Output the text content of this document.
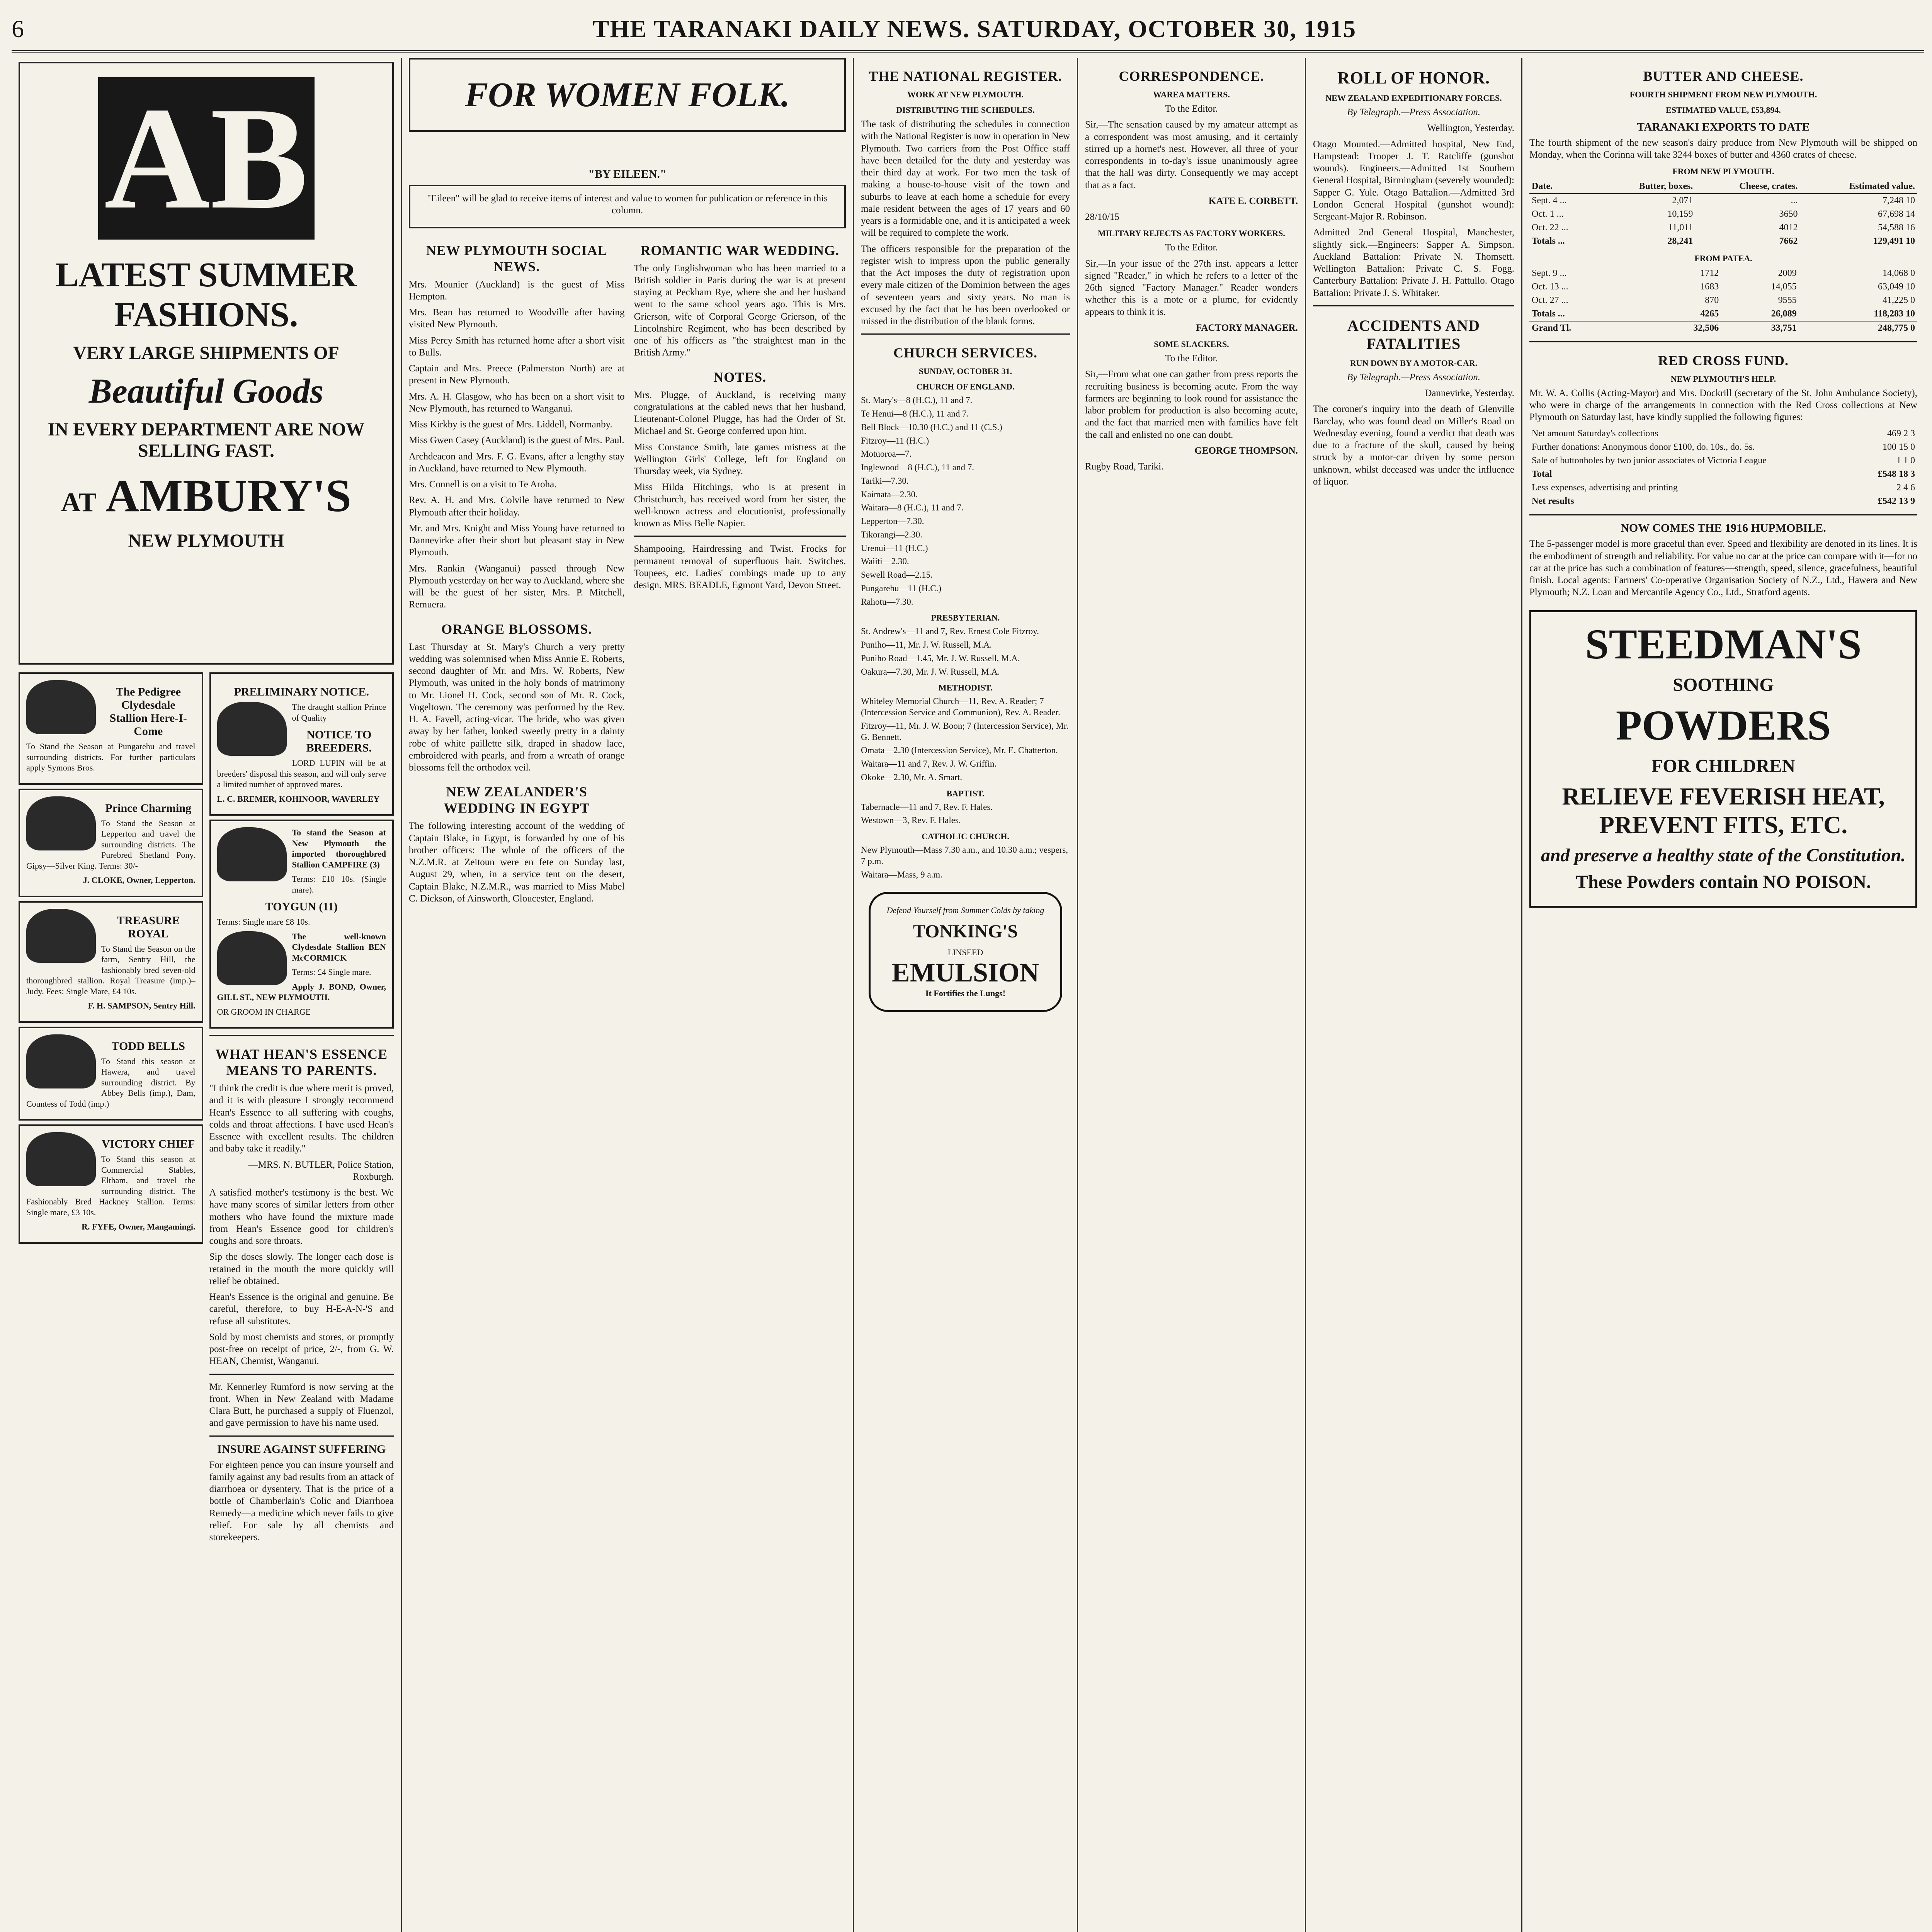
6	THE TARANAKI DAILY NEWS. SATURDAY, OCTOBER 30, 1915
AB
LATEST SUMMER FASHIONS.
VERY LARGE SHIPMENTS OF
Beautiful Goods
IN EVERY DEPARTMENT ARE NOW SELLING FAST.
AT AMBURY'S
NEW PLYMOUTH
The Pedigree Clydesdale Stallion Here-I-Come

To Stand the Season at Pungarehu and travel surrounding districts. For further particulars apply Symons Bros.

Prince Charming

To Stand the Season at Lepperton and travel the surrounding districts. The Purebred Shetland Pony. Gipsy—Silver King. Terms: 30/-

J. CLOKE, Owner, Lepperton.

TREASURE ROYAL

To Stand the Season on the farm, Sentry Hill, the fashionably bred seven-old thoroughbred stallion. Royal Treasure (imp.)–Judy. Fees: Single Mare, £4 10s.

F. H. SAMPSON, Sentry Hill.

TODD BELLS

To Stand this season at Hawera, and travel surrounding district. By Abbey Bells (imp.), Dam, Countess of Todd (imp.)

VICTORY CHIEF

To Stand this season at Commercial Stables, Eltham, and travel the surrounding district. The Fashionably Bred Hackney Stallion. Terms: Single mare, £3 10s.

R. FYFE, Owner, Mangamingi.

PRELIMINARY NOTICE.

The draught stallion Prince of Quality

NOTICE TO BREEDERS.

LORD LUPIN will be at breeders' disposal this season, and will only serve a limited number of approved mares.

L. C. BREMER, KOHINOOR, WAVERLEY

To stand the Season at New Plymouth the imported thoroughbred Stallion CAMPFIRE (3)

Terms: £10 10s. (Single mare).

TOYGUN (11)

Terms: Single mare £8 10s.

The well-known Clydesdale Stallion BEN McCORMICK

Terms: £4 Single mare.

Apply J. BOND, Owner, GILL ST., NEW PLYMOUTH.

OR GROOM IN CHARGE

WHAT HEAN'S ESSENCE MEANS TO PARENTS.

"I think the credit is due where merit is proved, and it is with pleasure I strongly recommend Hean's Essence to all suffering with coughs, colds and throat affections. I have used Hean's Essence with excellent results. The children and baby take it readily."

—MRS. N. BUTLER, Police Station, Roxburgh.

A satisfied mother's testimony is the best. We have many scores of similar letters from other mothers who have found the mixture made from Hean's Essence good for children's coughs and sore throats.

Sip the doses slowly. The longer each dose is retained in the mouth the more quickly will relief be obtained.

Hean's Essence is the original and genuine. Be careful, therefore, to buy H-E-A-N-'S and refuse all substitutes.

Sold by most chemists and stores, or promptly post-free on receipt of price, 2/-, from G. W. HEAN, Chemist, Wanganui.

Mr. Kennerley Rumford is now serving at the front. When in New Zealand with Madame Clara Butt, he purchased a supply of Fluenzol, and gave permission to have his name used.

INSURE AGAINST SUFFERING

For eighteen pence you can insure yourself and family against any bad results from an attack of diarrhoea or dysentery. That is the price of a bottle of Chamberlain's Colic and Diarrhoea Remedy—a medicine which never fails to give relief. For sale by all chemists and storekeepers.

FOR WOMEN FOLK.
"BY EILEEN."

"Eileen" will be glad to receive items of interest and value to women for publication or reference in this column.

NEW PLYMOUTH SOCIAL NEWS.

Mrs. Mounier (Auckland) is the guest of Miss Hempton.

Mrs. Bean has returned to Woodville after having visited New Plymouth.

Miss Percy Smith has returned home after a short visit to Bulls.

Captain and Mrs. Preece (Palmerston North) are at present in New Plymouth.

Mrs. A. H. Glasgow, who has been on a short visit to New Plymouth, has returned to Wanganui.

Miss Kirkby is the guest of Mrs. Liddell, Normanby.

Miss Gwen Casey (Auckland) is the guest of Mrs. Paul.

Archdeacon and Mrs. F. G. Evans, after a lengthy stay in Auckland, have returned to New Plymouth.

Mrs. Connell is on a visit to Te Aroha.

Rev. A. H. and Mrs. Colvile have returned to New Plymouth after their holiday.

Mr. and Mrs. Knight and Miss Young have returned to Dannevirke after their short but pleasant stay in New Plymouth.

Mrs. Rankin (Wanganui) passed through New Plymouth yesterday on her way to Auckland, where she will be the guest of her sister, Mrs. P. Mitchell, Remuera.

ORANGE BLOSSOMS.

Last Thursday at St. Mary's Church a very pretty wedding was solemnised when Miss Annie E. Roberts, second daughter of Mr. and Mrs. W. Roberts, New Plymouth, was united in the holy bonds of matrimony to Mr. Lionel H. Cock, second son of Mr. R. Cock, Vogeltown. The ceremony was performed by the Rev. H. A. Favell, acting-vicar. The bride, who was given away by her father, looked sweetly pretty in a dainty robe of white paillette silk, draped in shadow lace, embroidered with pearls, and from a wreath of orange blossoms fell the orthodox veil.

NEW ZEALANDER'S WEDDING IN EGYPT

The following interesting account of the wedding of Captain Blake, in Egypt, is forwarded by one of his brother officers: The whole of the officers of the N.Z.M.R. at Zeitoun were en fete on Sunday last, August 29, when, in a service tent on the desert, Captain Blake, N.Z.M.R., was married to Miss Mabel C. Dickson, of Ainsworth, Gloucester, England.

ROMANTIC WAR WEDDING.

The only Englishwoman who has been married to a British soldier in Paris during the war is at present staying at Peckham Rye, where she and her husband went to the same school years ago. This is Mrs. Grierson, wife of Corporal George Grierson, of the Lincolnshire Regiment, who has been described by one of his officers as "the straightest man in the British Army."

NOTES.

Mrs. Plugge, of Auckland, is receiving many congratulations at the cabled news that her husband, Lieutenant-Colonel Plugge, has had the Order of St. Michael and St. George conferred upon him.

Miss Constance Smith, late games mistress at the Wellington Girls' College, left for England on Thursday week, via Sydney.

Miss Hilda Hitchings, who is at present in Christchurch, has received word from her sister, the well-known actress and elocutionist, professionally known as Miss Belle Napier.

Shampooing, Hairdressing and Twist. Frocks for permanent removal of superfluous hair. Switches. Toupees, etc. Ladies' combings made up to any design. MRS. BEADLE, Egmont Yard, Devon Street.

THE NATIONAL REGISTER.
WORK AT NEW PLYMOUTH.
DISTRIBUTING THE SCHEDULES.

The task of distributing the schedules in connection with the National Register is now in operation in New Plymouth. Two carriers from the Post Office staff have been detailed for the duty and yesterday was their third day at work. For two men the task of making a house-to-house visit of the town and suburbs to leave at each home a schedule for every male resident between the ages of 17 years and 60 years is a formidable one, and it is anticipated a week will be required to complete the work.

The officers responsible for the preparation of the register wish to impress upon the public generally that the Act imposes the duty of registration upon every male citizen of the Dominion between the ages of seventeen years and sixty years. No man is excused by the fact that he has been overlooked or missed in the distribution of the blank forms.

CHURCH SERVICES.
SUNDAY, OCTOBER 31.
CHURCH OF ENGLAND.
St. Mary's—8 (H.C.), 11 and 7.
Te Henui—8 (H.C.), 11 and 7.
Bell Block—10.30 (H.C.) and 11 (C.S.)
Fitzroy—11 (H.C.)
Motuoroa—7.
Inglewood—8 (H.C.), 11 and 7.
Tariki—7.30.
Kaimata—2.30.
Waitara—8 (H.C.), 11 and 7.
Lepperton—7.30.
Tikorangi—2.30.
Urenui—11 (H.C.)
Waiiti—2.30.
Sewell Road—2.15.
Pungarehu—11 (H.C.)
Rahotu—7.30.
PRESBYTERIAN.
St. Andrew's—11 and 7, Rev. Ernest Cole Fitzroy.
Puniho—11, Mr. J. W. Russell, M.A.
Puniho Road—1.45, Mr. J. W. Russell, M.A.
Oakura—7.30, Mr. J. W. Russell, M.A.
METHODIST.
Whiteley Memorial Church—11, Rev. A. Reader; 7 (Intercession Service and Communion), Rev. A. Reader.
Fitzroy—11, Mr. J. W. Boon; 7 (Intercession Service), Mr. G. Bennett.
Omata—2.30 (Intercession Service), Mr. E. Chatterton.
Waitara—11 and 7, Rev. J. W. Griffin.
Okoke—2.30, Mr. A. Smart.
BAPTIST.
Tabernacle—11 and 7, Rev. F. Hales.
Westown—3, Rev. F. Hales.
CATHOLIC CHURCH.
New Plymouth—Mass 7.30 a.m., and 10.30 a.m.; vespers, 7 p.m.
Waitara—Mass, 9 a.m.
Defend Yourself from Summer Colds by taking
TONKING'S
LINSEED
EMULSION
It Fortifies the Lungs!
CORRESPONDENCE.
WAREA MATTERS.

To the Editor.

Sir,—The sensation caused by my amateur attempt as a correspondent was most amusing, and it certainly stirred up a hornet's nest. However, all three of your correspondents in to-day's issue unanimously agree that the hall was dirty. Consequently we may accept that as a fact.

KATE E. CORBETT.

28/10/15

MILITARY REJECTS AS FACTORY WORKERS.

To the Editor.

Sir,—In your issue of the 27th inst. appears a letter signed "Reader," in which he refers to a letter of the 26th signed "Factory Manager." Reader wonders whether this is a mote or a plume, for evidently appears to think it is.

FACTORY MANAGER.

SOME SLACKERS.

To the Editor.

Sir,—From what one can gather from press reports the recruiting business is becoming acute. From the way farmers are beginning to look round for assistance the labor problem for production is also becoming acute, and the fact that married men with families have felt the call and enlisted no one can doubt.

GEORGE THOMPSON.

Rugby Road, Tariki.

ROLL OF HONOR.
NEW ZEALAND EXPEDITIONARY FORCES.

By Telegraph.—Press Association.

Wellington, Yesterday.

Otago Mounted.—Admitted hospital, New End, Hampstead: Trooper J. T. Ratcliffe (gunshot wounds). Engineers.—Admitted 1st Southern General Hospital, Birmingham (severely wounded): Sapper G. Yule. Otago Battalion.—Admitted 3rd London General Hospital (gunshot wound): Sergeant-Major R. Robinson.

Admitted 2nd General Hospital, Manchester, slightly sick.—Engineers: Sapper A. Simpson. Auckland Battalion: Private N. Thomsett. Wellington Battalion: Private C. S. Fogg. Canterbury Battalion: Private J. H. Pattullo. Otago Battalion: Private J. S. Whitaker.

ACCIDENTS AND FATALITIES
RUN DOWN BY A MOTOR-CAR.

By Telegraph.—Press Association.

Dannevirke, Yesterday.

The coroner's inquiry into the death of Glenville Barclay, who was found dead on Miller's Road on Wednesday evening, found a verdict that death was due to a fracture of the skull, caused by being struck by a motor-car driven by some person unknown, whilst deceased was under the influence of liquor.

BUTTER AND CHEESE.
FOURTH SHIPMENT FROM NEW PLYMOUTH.
ESTIMATED VALUE, £53,894.
TARANAKI EXPORTS TO DATE

The fourth shipment of the new season's dairy produce from New Plymouth will be shipped on Monday, when the Corinna will take 3244 boxes of butter and 4360 crates of cheese.

FROM NEW PLYMOUTH.
Date.	Butter, boxes.	Cheese, crates.	Estimated value.
Sept. 4 ...	2,071	...	7,248 10
Oct. 1 ...	10,159	3650	67,698 14
Oct. 22 ...	11,011	4012	54,588 16
Totals ...	28,241	7662	129,491 10
FROM PATEA.
Sept. 9 ...	1712	2009	14,068 0
Oct. 13 ...	1683	14,055	63,049 10
Oct. 27 ...	870	9555	41,225 0
Totals ...	4265	26,089	118,283 10
Grand Tl.	32,506	33,751	248,775 0
RED CROSS FUND.
NEW PLYMOUTH'S HELP.

Mr. W. A. Collis (Acting-Mayor) and Mrs. Dockrill (secretary of the St. John Ambulance Society), who were in charge of the arrangements in connection with the Red Cross collections at New Plymouth on Saturday last, have kindly supplied the following figures:

Net amount Saturday's collections	469 2 3
Further donations: Anonymous donor £100, do. 10s., do. 5s.	100 15 0
Sale of buttonholes by two junior associates of Victoria League	1 1 0
Total	£548 18 3
Less expenses, advertising and printing	2 4 6
Net results	£542 13 9
NOW COMES THE 1916 HUPMOBILE.

The 5-passenger model is more graceful than ever. Speed and flexibility are denoted in its lines. It is the embodiment of strength and reliability. For value no car at the price can compare with it—for no car at the price has such a combination of features—strength, speed, silence, gracefulness, beautiful finish. Local agents: Farmers' Co-operative Organisation Society of N.Z., Ltd., Hawera and New Plymouth; N.Z. Loan and Mercantile Agency Co., Ltd., Stratford agents.

STEEDMAN'S
SOOTHING
POWDERS
FOR CHILDREN
RELIEVE FEVERISH HEAT, PREVENT FITS, ETC.
and preserve a healthy state of the Constitution.
These Powders contain NO POISON.
